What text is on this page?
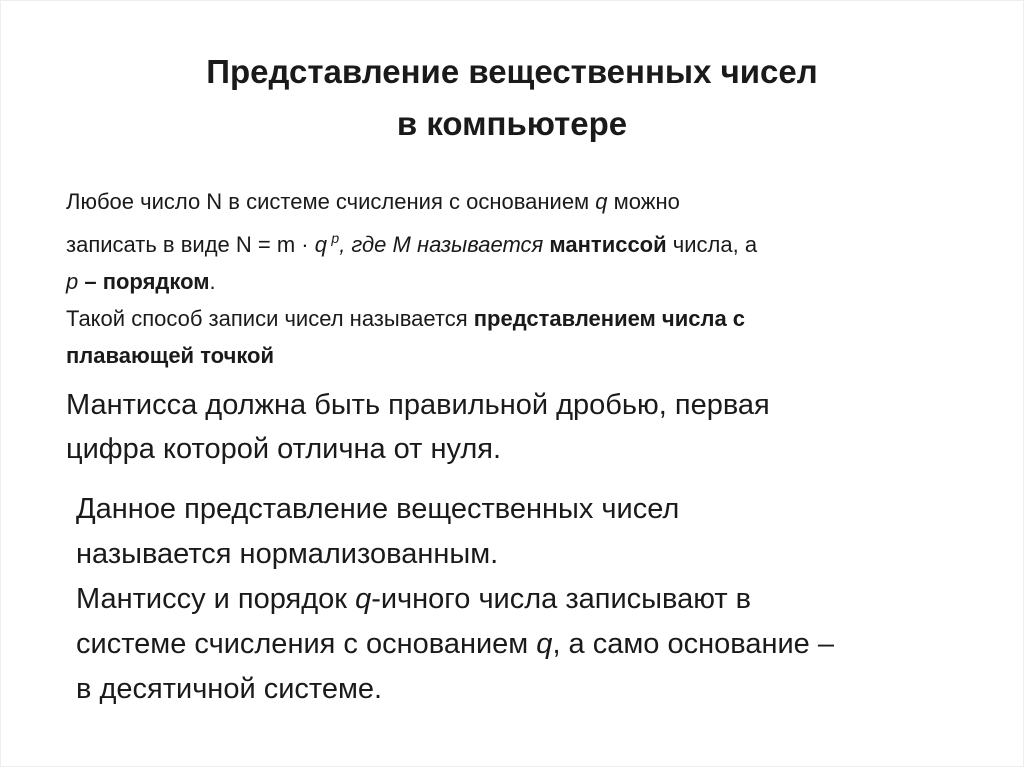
Представление вещественных чисел
в компьютере

Любое число N в системе счисления с основанием q можно
записать в виде N = m · q  $^p$, где М называется мантиссой числа, а
p – порядком.

Такой способ записи чисел называется представлением числа с
плавающей точкой

Мантисса должна быть правильной дробью, первая
цифра которой отлична от нуля.

Данное представление вещественных чисел
называется нормализованным.
Мантиссу и порядок q-ичного числа записывают в
системе счисления с основанием q, а само основание –
в десятичной системе.
